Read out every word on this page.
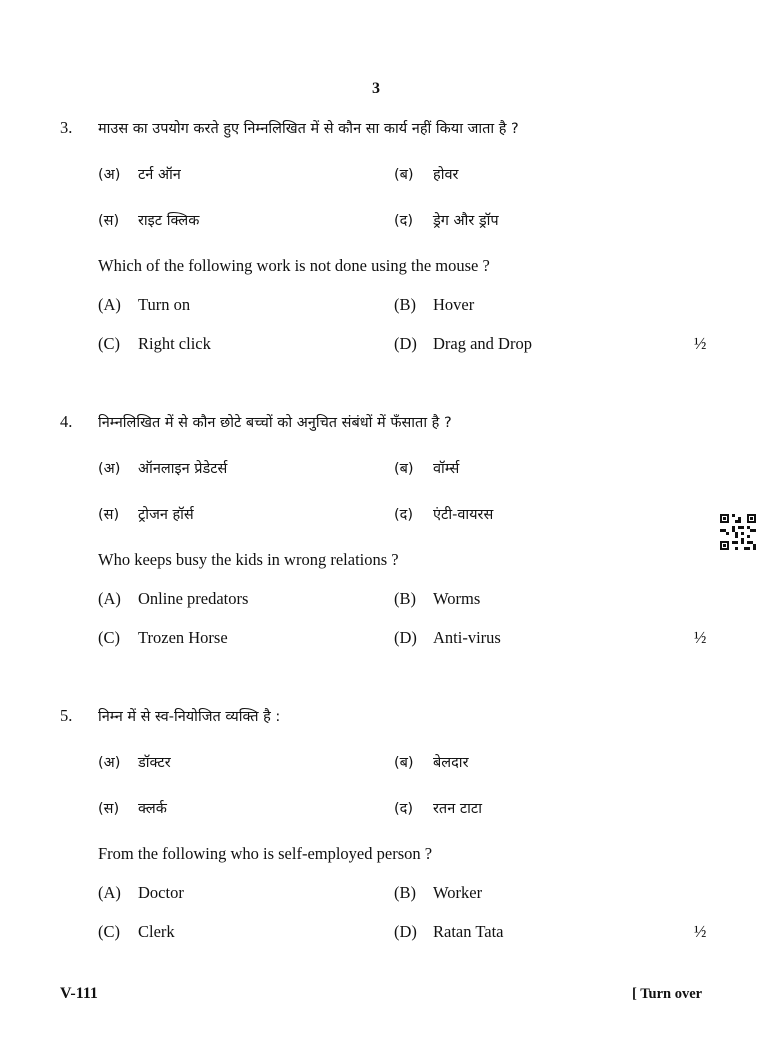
3
3. माउस का उपयोग करते हुए निम्नलिखित में से कौन सा कार्य नहीं किया जाता है ?
(अ)	टर्न ऑन	(ब)	होवर
(स)	राइट क्लिक	(द)	ड्रेग और ड्रॉप
Which of the following work is not done using the mouse ?
(A)	Turn on	(B)	Hover
(C)	Right click	(D) Drag and Drop	½
4. निम्नलिखित में से कौन छोटे बच्चों को अनुचित संबंधों में फँसाता है ?
(अ)	ऑनलाइन प्रेडेटर्स	(ब)	वॉर्म्स
(स)	ट्रोजन हॉर्स	(द)	एंटी-वायरस
Who keeps busy the kids in wrong relations ?
(A)	Online predators	(B)	Worms
(C)	Trozen Horse	(D) Anti-virus	½
5. निम्न में से स्व-नियोजित व्यक्ति है :
(अ)	डॉक्टर	(ब)	बेलदार
(स)	क्लर्क	(द)	रतन टाटा
From the following who is self-employed person ?
(A)	Doctor	(B)	Worker
(C)	Clerk	(D) Ratan Tata	½
V-111	[ Turn over
